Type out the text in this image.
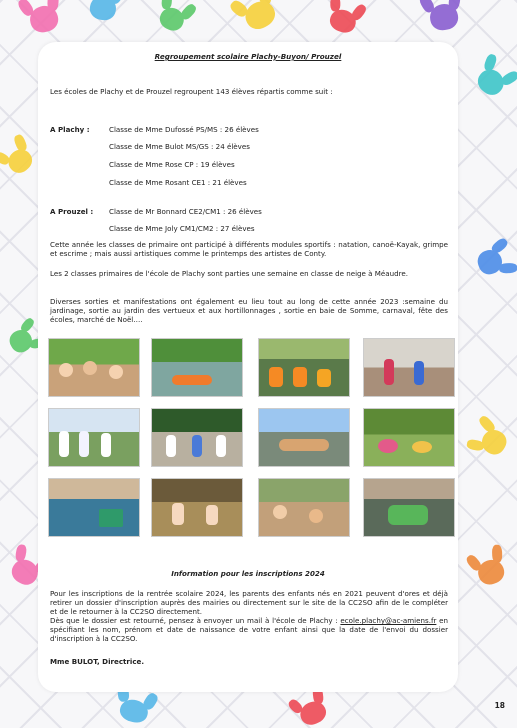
Regroupement scolaire Plachy-Buyon/ Prouzel
Les écoles de Plachy et de Prouzel regroupent 143 élèves répartis comme suit :
A Plachy :	Classe de Mme Dufossé PS/MS : 26 élèves
Classe de Mme Bulot MS/GS : 24 élèves
Classe de Mme Rose CP : 19 élèves
Classe de Mme Rosant CE1 : 21 élèves
A Prouzel :	Classe de Mr Bonnard CE2/CM1 : 26 élèves
Classe de Mme Joly CM1/CM2 : 27 élèves
Cette année les classes de primaire ont participé à différents modules sportifs : natation, canoë-Kayak, grimpe et escrime ; mais aussi artistiques comme le printemps des artistes de Conty.
Les 2 classes primaires de l'école de Plachy sont parties une semaine en classe de neige à Méaudre.
Diverses sorties et manifestations ont également eu lieu tout au long de cette année 2023 :semaine du jardinage, sortie au jardin des vertueux et aux hortillonnages , sortie en baie de Somme, carnaval, fête des écoles, marché de Noël….
Information pour les inscriptions 2024
Pour les inscriptions de la rentrée scolaire 2024, les parents des enfants nés en 2021 peuvent d'ores et déjà retirer un dossier d'inscription auprès des mairies ou directement sur le site de la CC2SO afin de le compléter et de le retourner à la CC2SO directement.
Dès que le dossier est retourné, pensez à envoyer un mail à l'école de Plachy : ecole.plachy@ac-amiens.fr en spécifiant les nom, prénom et date de naissance de votre enfant ainsi que la date de l'envoi du dossier d'inscription à la CC2SO.
Mme BULOT, Directrice.
18
